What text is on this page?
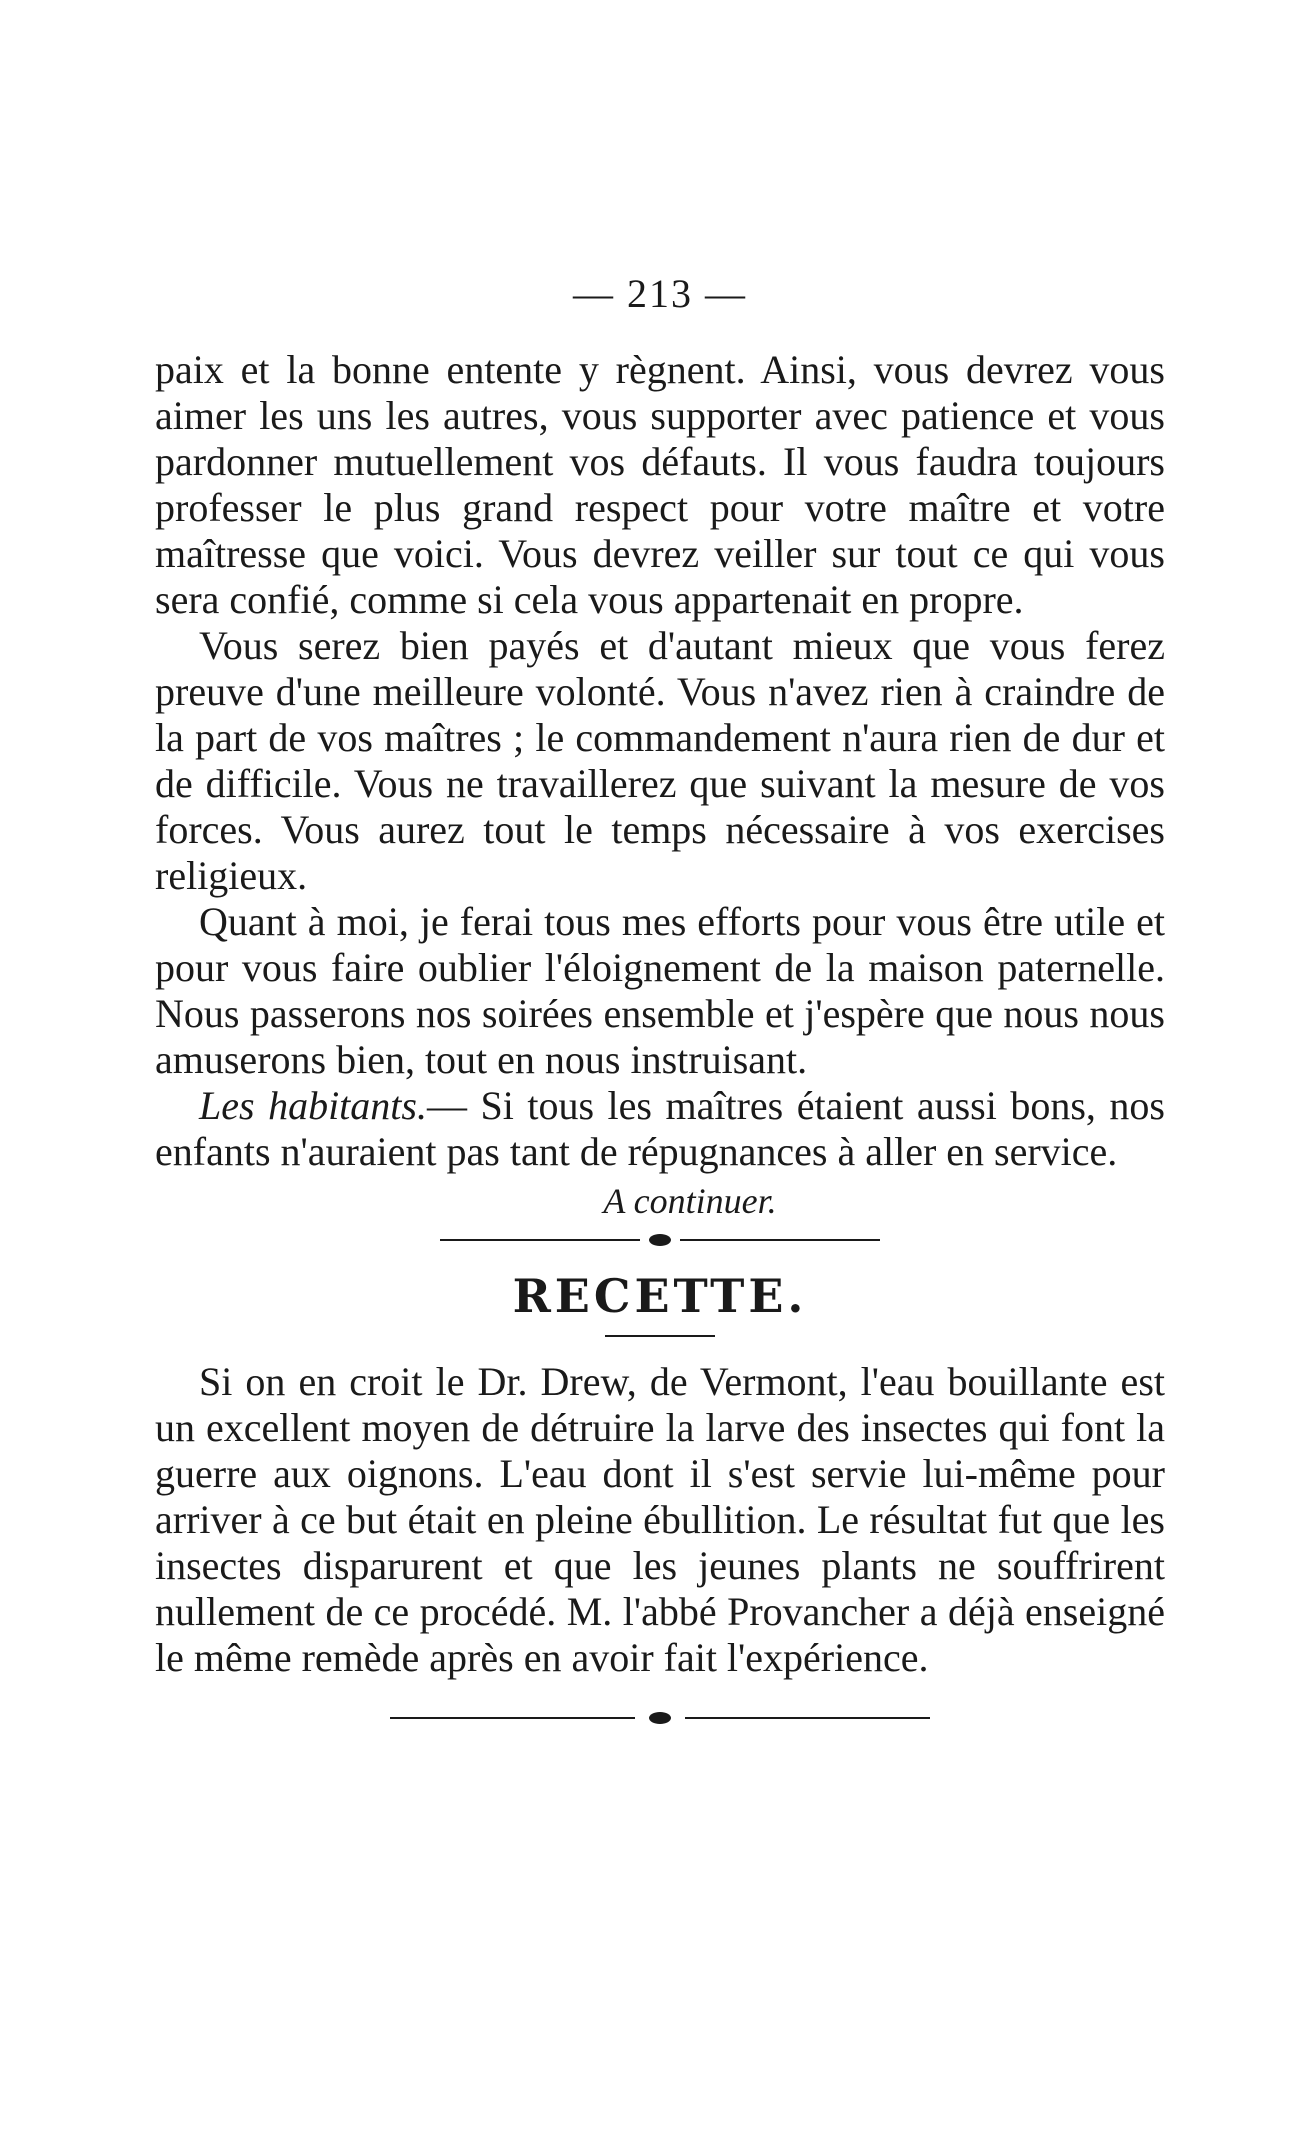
— 213 —

paix et la bonne entente y règnent. Ainsi, vous devrez vous aimer les uns les autres, vous supporter avec patience et vous pardonner mutuellement vos défauts. Il vous faudra toujours professer le plus grand respect pour votre maître et votre maîtresse que voici. Vous devrez veiller sur tout ce qui vous sera confié, comme si cela vous appartenait en propre.

Vous serez bien payés et d'autant mieux que vous ferez preuve d'une meilleure volonté. Vous n'avez rien à craindre de la part de vos maîtres ; le commandement n'aura rien de dur et de difficile. Vous ne travaillerez que suivant la mesure de vos forces. Vous aurez tout le temps nécessaire à vos exercises religieux.

Quant à moi, je ferai tous mes efforts pour vous être utile et pour vous faire oublier l'éloignement de la maison paternelle. Nous passerons nos soirées ensemble et j'espère que nous nous amuserons bien, tout en nous instruisant.

Les habitants.— Si tous les maîtres étaient aussi bons, nos enfants n'auraient pas tant de répugnances à aller en service.

A continuer.
RECETTE.

Si on en croit le Dr. Drew, de Vermont, l'eau bouillante est un excellent moyen de détruire la larve des insectes qui font la guerre aux oignons. L'eau dont il s'est servie lui-même pour arriver à ce but était en pleine ébullition. Le résultat fut que les insectes disparurent et que les jeunes plants ne souffrirent nullement de ce procédé. M. l'abbé Provancher a déjà enseigné le même remède après en avoir fait l'expérience.
